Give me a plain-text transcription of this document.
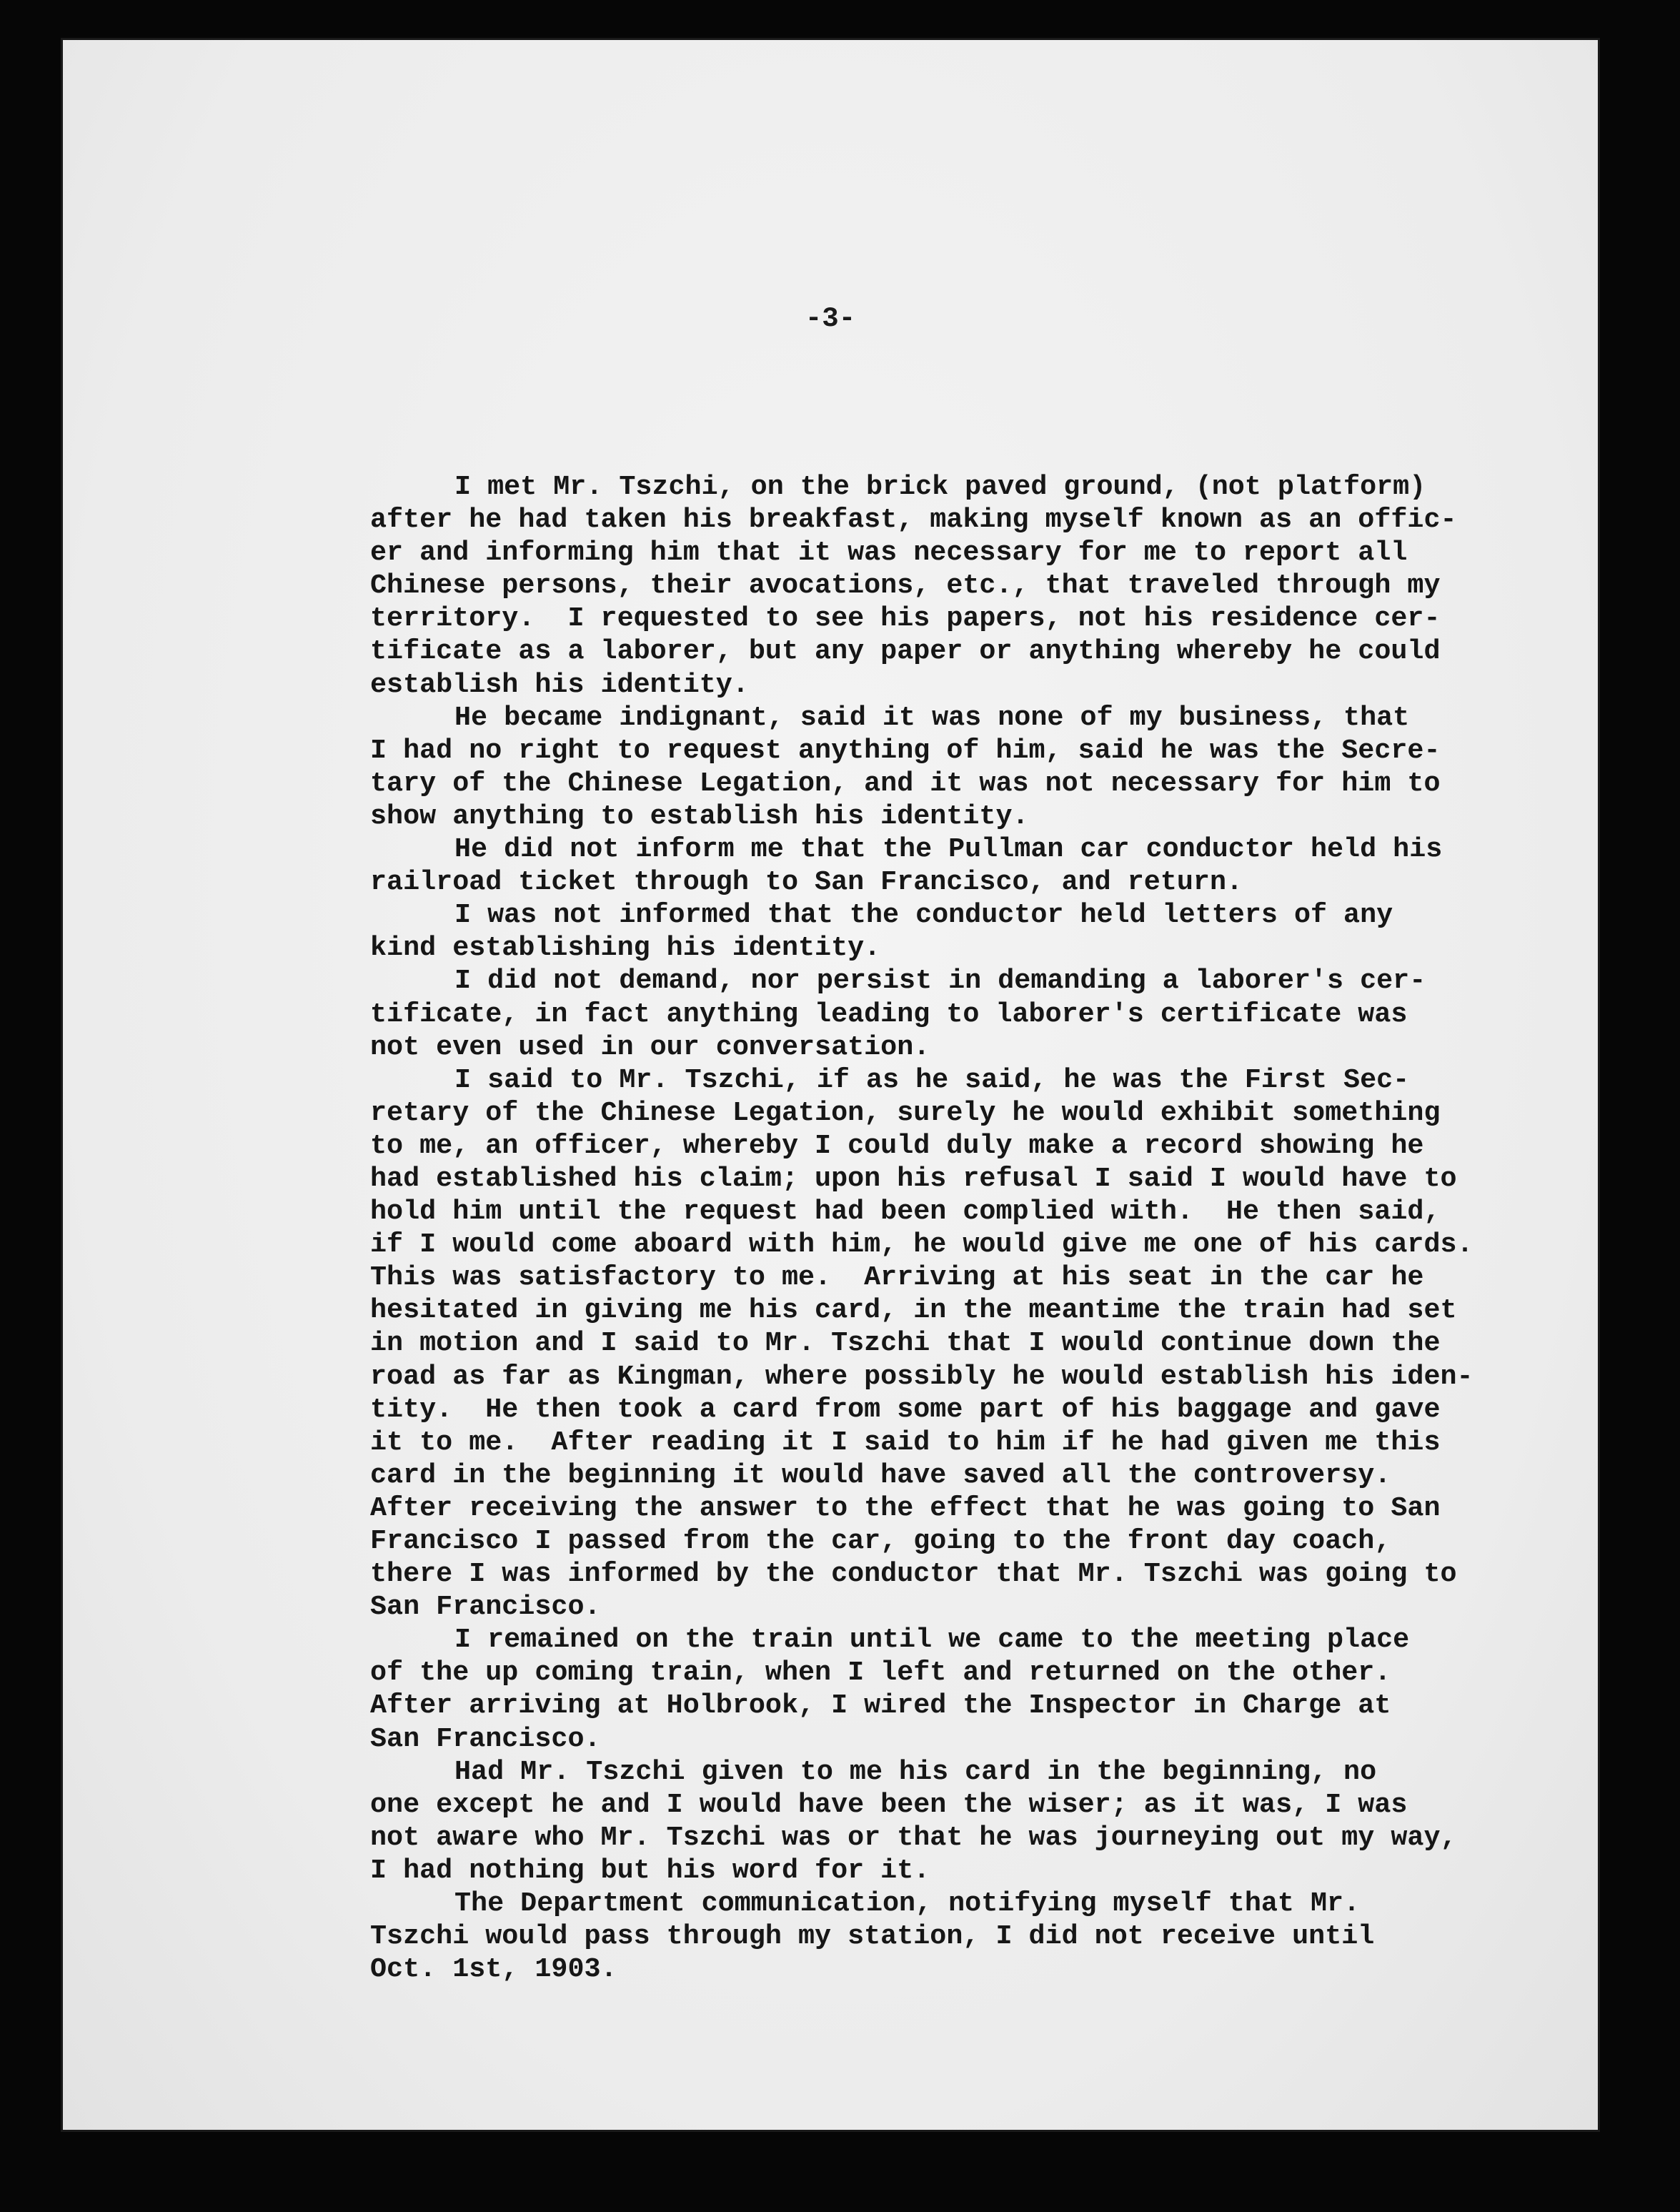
-3-

I met Mr. Tszchi, on the brick paved ground, (not platform)
after he had taken his breakfast, making myself known as an offic-
er and informing him that it was necessary for me to report all
Chinese persons, their avocations, etc., that traveled through my
territory.  I requested to see his papers, not his residence cer-
tificate as a laborer, but any paper or anything whereby he could
establish his identity.

He became indignant, said it was none of my business, that
I had no right to request anything of him, said he was the Secre-
tary of the Chinese Legation, and it was not necessary for him to
show anything to establish his identity.

He did not inform me that the Pullman car conductor held his
railroad ticket through to San Francisco, and return.

I was not informed that the conductor held letters of any
kind establishing his identity.

I did not demand, nor persist in demanding a laborer's cer-
tificate, in fact anything leading to laborer's certificate was
not even used in our conversation.

I said to Mr. Tszchi, if as he said, he was the First Sec-
retary of the Chinese Legation, surely he would exhibit something
to me, an officer, whereby I could duly make a record showing he
had established his claim; upon his refusal I said I would have to
hold him until the request had been complied with.  He then said,
if I would come aboard with him, he would give me one of his cards.
This was satisfactory to me.  Arriving at his seat in the car he
hesitated in giving me his card, in the meantime the train had set
in motion and I said to Mr. Tszchi that I would continue down the
road as far as Kingman, where possibly he would establish his iden-
tity.  He then took a card from some part of his baggage and gave
it to me.  After reading it I said to him if he had given me this
card in the beginning it would have saved all the controversy.
After receiving the answer to the effect that he was going to San
Francisco I passed from the car, going to the front day coach,
there I was informed by the conductor that Mr. Tszchi was going to
San Francisco.

I remained on the train until we came to the meeting place
of the up coming train, when I left and returned on the other.
After arriving at Holbrook, I wired the Inspector in Charge at
San Francisco.

Had Mr. Tszchi given to me his card in the beginning, no
one except he and I would have been the wiser; as it was, I was
not aware who Mr. Tszchi was or that he was journeying out my way,
I had nothing but his word for it.

The Department communication, notifying myself that Mr.
Tszchi would pass through my station, I did not receive until
Oct. 1st, 1903.
